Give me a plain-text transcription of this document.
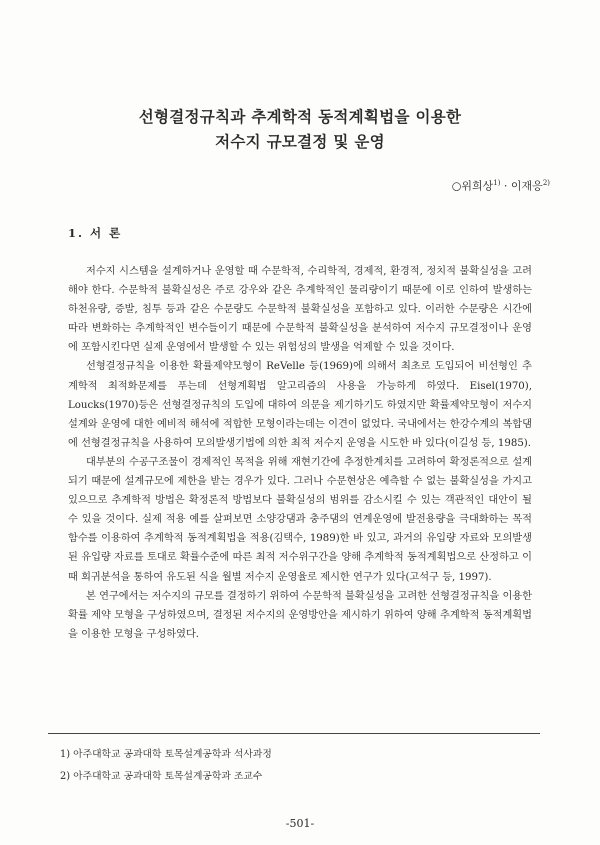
선형결정규칙과 추계학적 동적계획법을 이용한
저수지 규모결정 및 운영
○위희상$^{1)}$ · 이재응$^{2)}$
1. 서 론

저수지 시스템을 설계하거나 운영할 때 수문학적, 수리학적, 경제적, 환경적, 정치적 불확실성을 고려해야 한다. 수문학적 불확실성은 주로 강우와 같은 추계학적인 물리량이기 때문에 이로 인하여 발생하는 하천유량, 증발, 침투 등과 같은 수문량도 수문학적 불확실성을 포함하고 있다. 이러한 수문량은 시간에 따라 변화하는 추계학적인 변수들이기 때문에 수문학적 불확실성을 분석하여 저수지 규모결정이나 운영에 포함시킨다면 실제 운영에서 발생할 수 있는 위험성의 발생을 억제할 수 있을 것이다.

선형결정규칙을 이용한 확률제약모형이 ReVelle 등(1969)에 의해서 최초로 도입되어 비선형인 추계학적 최적화문제를 푸는데 선형계획법 알고리즘의 사용을 가능하게 하였다. Eisel(1970), Loucks(1970)등은 선형결정규칙의 도입에 대하여 의문을 제기하기도 하였지만 확률제약모형이 저수지 설계와 운영에 대한 예비적 해석에 적합한 모형이라는데는 이견이 없었다. 국내에서는 한강수계의 복합댐에 선형결정규칙을 사용하여 모의발생기법에 의한 최적 저수지 운영을 시도한 바 있다(이길성 등, 1985).

대부분의 수공구조물이 경제적인 목적을 위해 재현기간에 추정한계치를 고려하여 확정론적으로 설계되기 때문에 설계규모에 제한을 받는 경우가 있다. 그러나 수문현상은 예측할 수 없는 불확실성을 가지고 있으므로 추계학적 방법은 확정론적 방법보다 불확실성의 범위를 감소시킬 수 있는 객관적인 대안이 될 수 있을 것이다. 실제 적용 예를 살펴보면 소양강댐과 충주댐의 연계운영에 발전용량을 극대화하는 목적함수를 이용하여 추계학적 동적계획법을 적용(김택수, 1989)한 바 있고, 과거의 유입량 자료와 모의발생된 유입량 자료를 토대로 확률수준에 따른 최적 저수위구간을 양해 추계학적 동적계획법으로 산정하고 이때 회귀분석을 통하여 유도된 식을 월별 저수지 운영율로 제시한 연구가 있다(고석구 등, 1997).

본 연구에서는 저수지의 규모를 결정하기 위하여 수문학적 불확실성을 고려한 선형결정규칙을 이용한 확률 제약 모형을 구성하였으며, 결정된 저수지의 운영방안을 제시하기 위하여 양해 추계학적 동적계획법을 이용한 모형을 구성하였다.

1) 아주대학교 공과대학 토목설계공학과 석사과정
2) 아주대학교 공과대학 토목설계공학과 조교수
-501-
